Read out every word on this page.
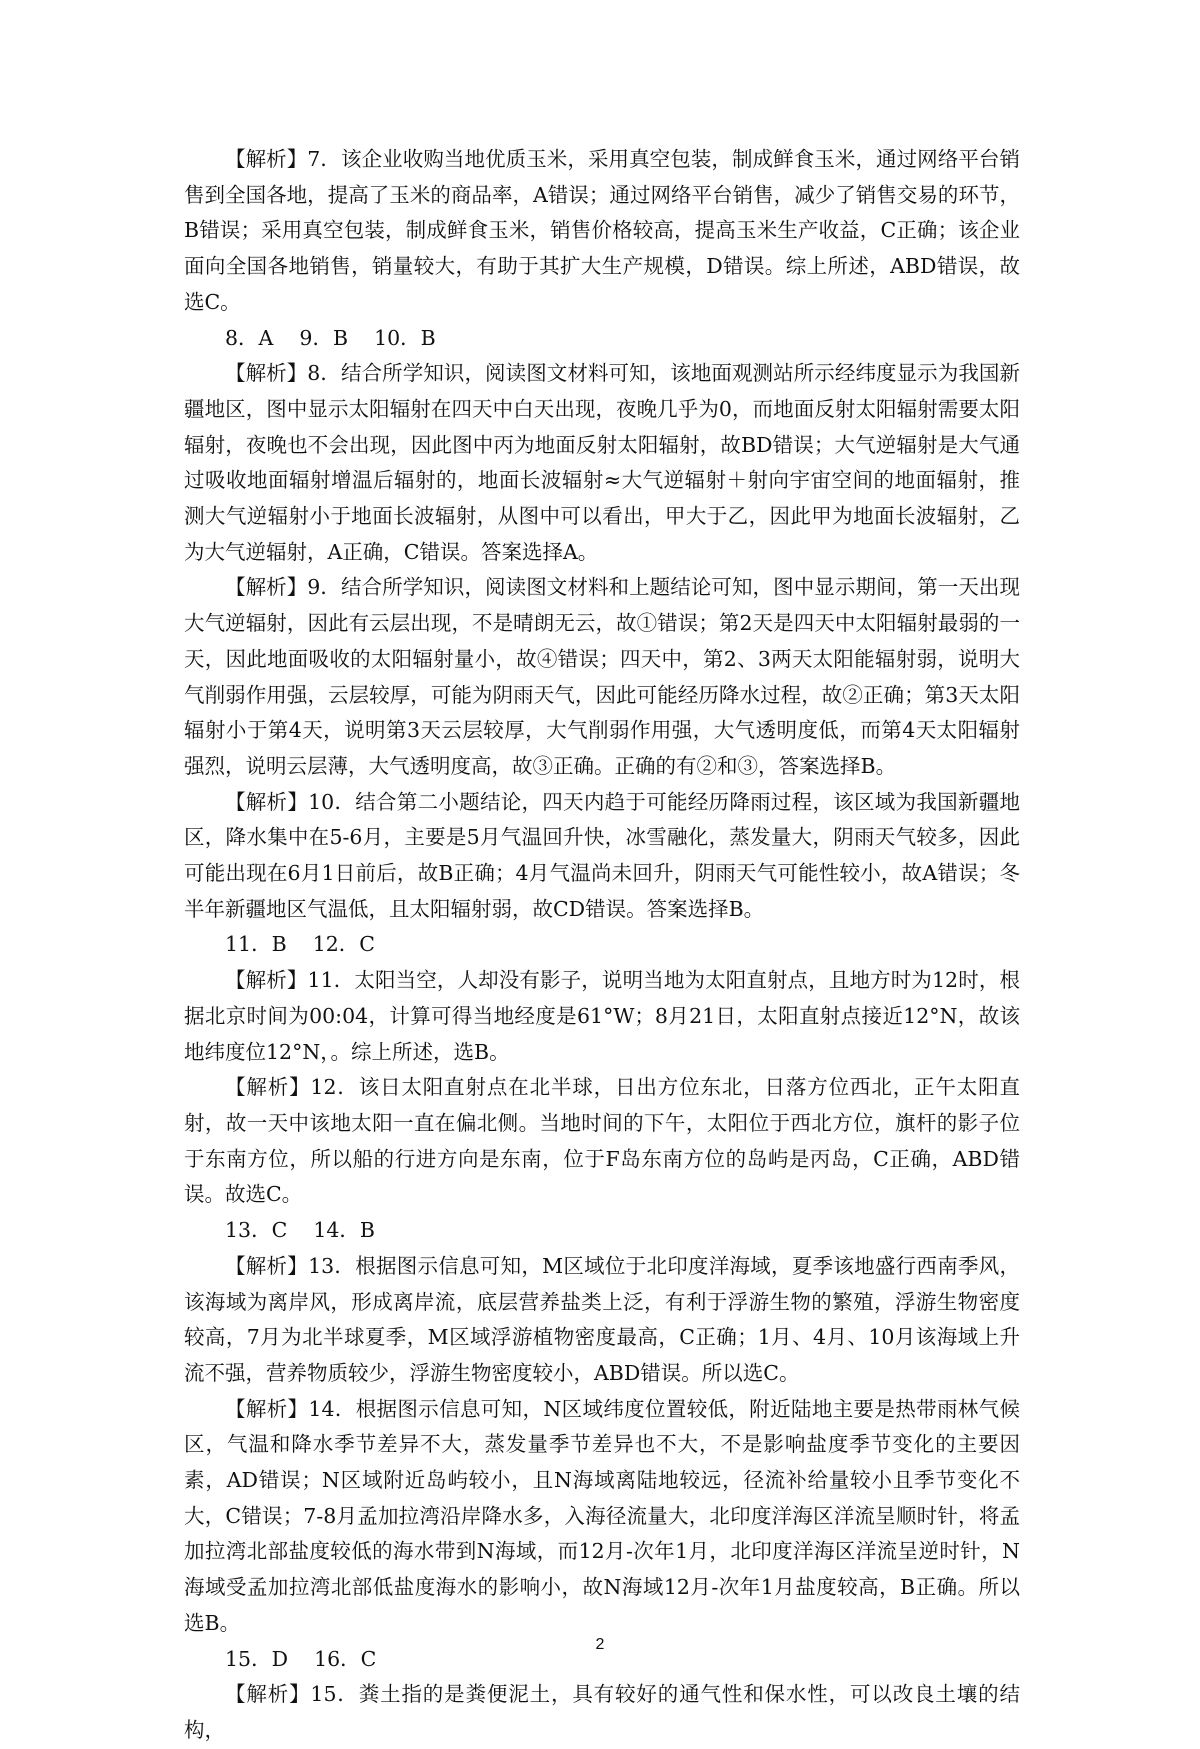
【解析】7．该企业收购当地优质玉米，采用真空包装，制成鲜食玉米，通过网络平台销售到全国各地，提高了玉米的商品率，A错误；通过网络平台销售，减少了销售交易的环节，B错误；采用真空包装，制成鲜食玉米，销售价格较高，提高玉米生产收益，C正确；该企业面向全国各地销售，销量较大，有助于其扩大生产规模，D错误。综上所述，ABD错误，故选C。

8．A    9．B    10．B

【解析】8．结合所学知识，阅读图文材料可知，该地面观测站所示经纬度显示为我国新疆地区，图中显示太阳辐射在四天中白天出现，夜晚几乎为0，而地面反射太阳辐射需要太阳辐射，夜晚也不会出现，因此图中丙为地面反射太阳辐射，故BD错误；大气逆辐射是大气通过吸收地面辐射增温后辐射的，地面长波辐射≈大气逆辐射＋射向宇宙空间的地面辐射，推测大气逆辐射小于地面长波辐射，从图中可以看出，甲大于乙，因此甲为地面长波辐射，乙为大气逆辐射，A正确，C错误。答案选择A。

【解析】9．结合所学知识，阅读图文材料和上题结论可知，图中显示期间，第一天出现大气逆辐射，因此有云层出现，不是晴朗无云，故①错误；第2天是四天中太阳辐射最弱的一天，因此地面吸收的太阳辐射量小，故④错误；四天中，第2、3两天太阳能辐射弱，说明大气削弱作用强，云层较厚，可能为阴雨天气，因此可能经历降水过程，故②正确；第3天太阳辐射小于第4天，说明第3天云层较厚，大气削弱作用强，大气透明度低，而第4天太阳辐射强烈，说明云层薄，大气透明度高，故③正确。正确的有②和③，答案选择B。

【解析】10．结合第二小题结论，四天内趋于可能经历降雨过程，该区域为我国新疆地区，降水集中在5-6月，主要是5月气温回升快，冰雪融化，蒸发量大，阴雨天气较多，因此可能出现在6月1日前后，故B正确；4月气温尚未回升，阴雨天气可能性较小，故A错误；冬半年新疆地区气温低，且太阳辐射弱，故CD错误。答案选择B。

11．B    12．C

【解析】11．太阳当空，人却没有影子，说明当地为太阳直射点，且地方时为12时，根据北京时间为00:04，计算可得当地经度是61°W；8月21日，太阳直射点接近12°N，故该地纬度位12°N，。综上所述，选B。

【解析】12．该日太阳直射点在北半球，日出方位东北，日落方位西北，正午太阳直射，故一天中该地太阳一直在偏北侧。当地时间的下午，太阳位于西北方位，旗杆的影子位于东南方位，所以船的行进方向是东南，位于F岛东南方位的岛屿是丙岛，C正确，ABD错误。故选C。

13．C    14．B

【解析】13．根据图示信息可知，M区域位于北印度洋海域，夏季该地盛行西南季风，该海域为离岸风，形成离岸流，底层营养盐类上泛，有利于浮游生物的繁殖，浮游生物密度较高，7月为北半球夏季，M区域浮游植物密度最高，C正确；1月、4月、10月该海域上升流不强，营养物质较少，浮游生物密度较小，ABD错误。所以选C。

【解析】14．根据图示信息可知，N区域纬度位置较低，附近陆地主要是热带雨林气候区，气温和降水季节差异不大，蒸发量季节差异也不大，不是影响盐度季节变化的主要因素，AD错误；N区域附近岛屿较小，且N海域离陆地较远，径流补给量较小且季节变化不大，C错误；7-8月孟加拉湾沿岸降水多，入海径流量大，北印度洋海区洋流呈顺时针，将孟加拉湾北部盐度较低的海水带到N海域，而12月-次年1月，北印度洋海区洋流呈逆时针，N海域受孟加拉湾北部低盐度海水的影响小，故N海域12月-次年1月盐度较高，B正确。所以选B。

15．D    16．C

【解析】15．粪土指的是粪便泥土，具有较好的通气性和保水性，可以改良土壤的结构，

2
